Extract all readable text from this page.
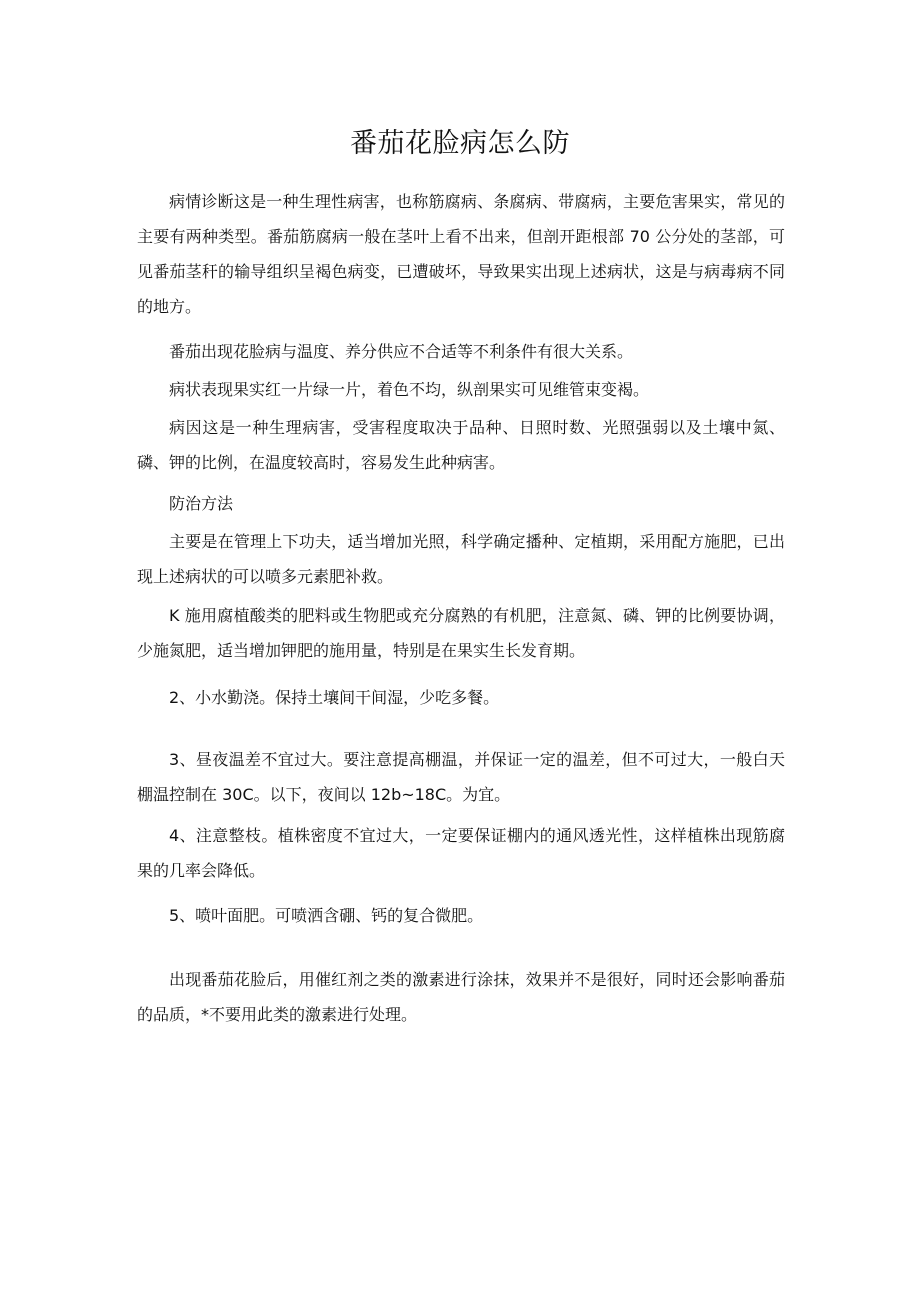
番茄花脸病怎么防

病情诊断这是一种生理性病害，也称筋腐病、条腐病、带腐病，主要危害果实，常见的主要有两种类型。番茄筋腐病一般在茎叶上看不出来，但剖开距根部 70 公分处的茎部，可见番茄茎秆的输导组织呈褐色病变，已遭破坏，导致果实出现上述病状，这是与病毒病不同的地方。

番茄出现花脸病与温度、养分供应不合适等不利条件有很大关系。

病状表现果实红一片绿一片，着色不均，纵剖果实可见维管束变褐。

病因这是一种生理病害，受害程度取决于品种、日照时数、光照强弱以及土壤中氮、磷、钾的比例，在温度较高时，容易发生此种病害。

防治方法

主要是在管理上下功夫，适当增加光照，科学确定播种、定植期，采用配方施肥，已出现上述病状的可以喷多元素肥补救。

K 施用腐植酸类的肥料或生物肥或充分腐熟的有机肥，注意氮、磷、钾的比例要协调，少施氮肥，适当增加钾肥的施用量，特别是在果实生长发育期。

2、小水勤浇。保持土壤间干间湿，少吃多餐。

3、昼夜温差不宜过大。要注意提高棚温，并保证一定的温差，但不可过大，一般白天棚温控制在 30C。以下，夜间以 12b~18C。为宜。

4、注意整枝。植株密度不宜过大，一定要保证棚内的通风透光性，这样植株出现筋腐果的几率会降低。

5、喷叶面肥。可喷洒含硼、钙的复合微肥。

出现番茄花脸后，用催红剂之类的激素进行涂抹，效果并不是很好，同时还会影响番茄的品质，*不要用此类的激素进行处理。
